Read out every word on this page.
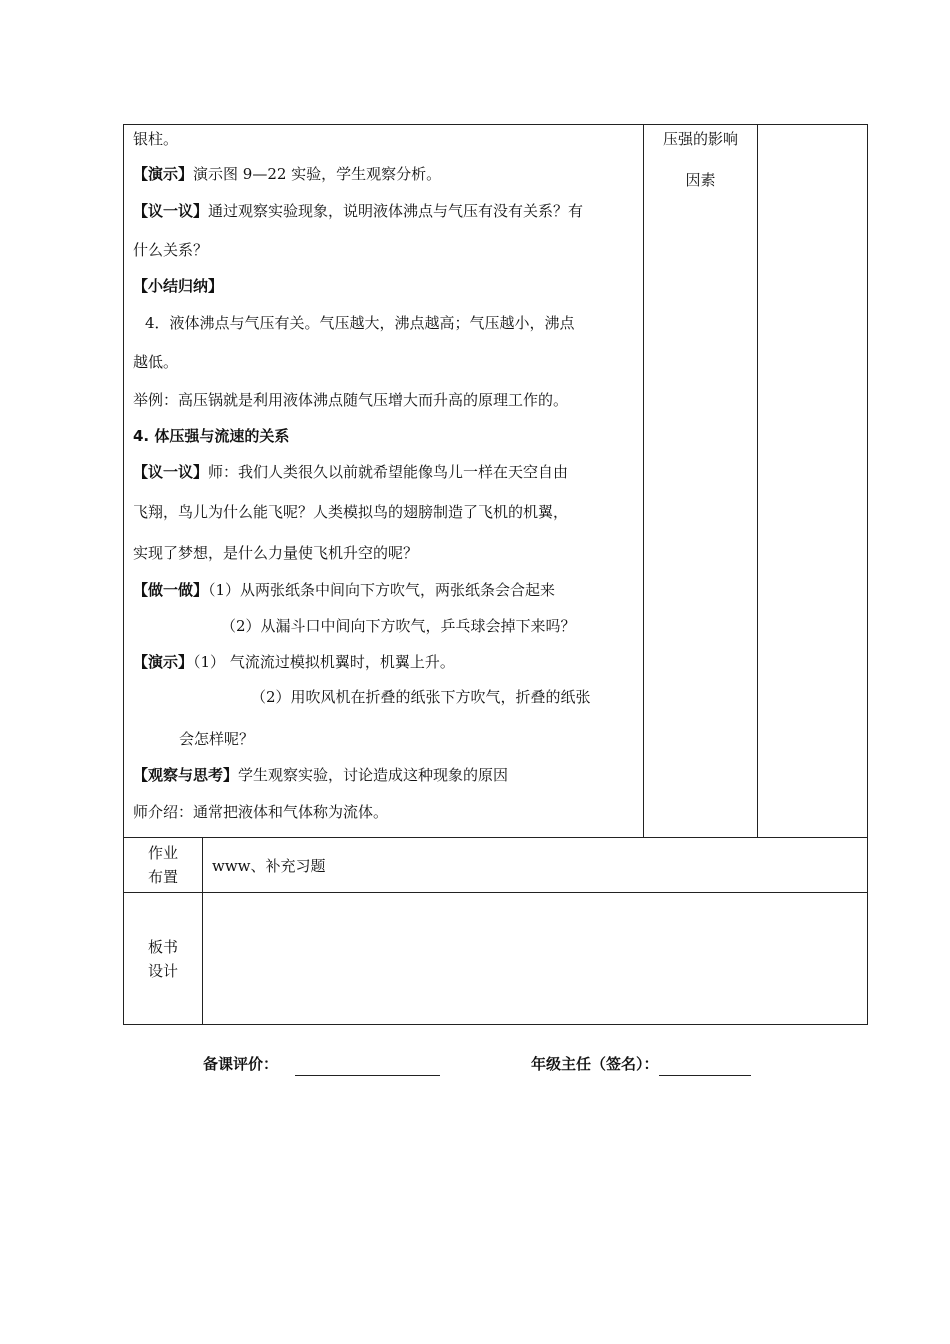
银柱。
【演示】演示图 9—22 实验，学生观察分析。
【议一议】通过观察实验现象，说明液体沸点与气压有没有关系？有
什么关系？
【小结归纳】
4．液体沸点与气压有关。气压越大，沸点越高；气压越小，沸点
越低。
举例：高压锅就是利用液体沸点随气压增大而升高的原理工作的。
4. 体压强与流速的关系
【议一议】师：我们人类很久以前就希望能像鸟儿一样在天空自由
飞翔，鸟儿为什么能飞呢？人类模拟鸟的翅膀制造了飞机的机翼，
实现了梦想，是什么力量使飞机升空的呢？
【做一做】（1）从两张纸条中间向下方吹气，两张纸条会合起来
（2）从漏斗口中间向下方吹气，乒乓球会掉下来吗？
【演示】（1） 气流流过模拟机翼时，机翼上升。
（2）用吹风机在折叠的纸张下方吹气，折叠的纸张
会怎样呢？
【观察与思考】学生观察实验，讨论造成这种现象的原因
师介绍：通常把液体和气体称为流体。
压强的影响
因素
作业
布置
www、补充习题
板书
设计
备课评价：	年级主任（签名）：
